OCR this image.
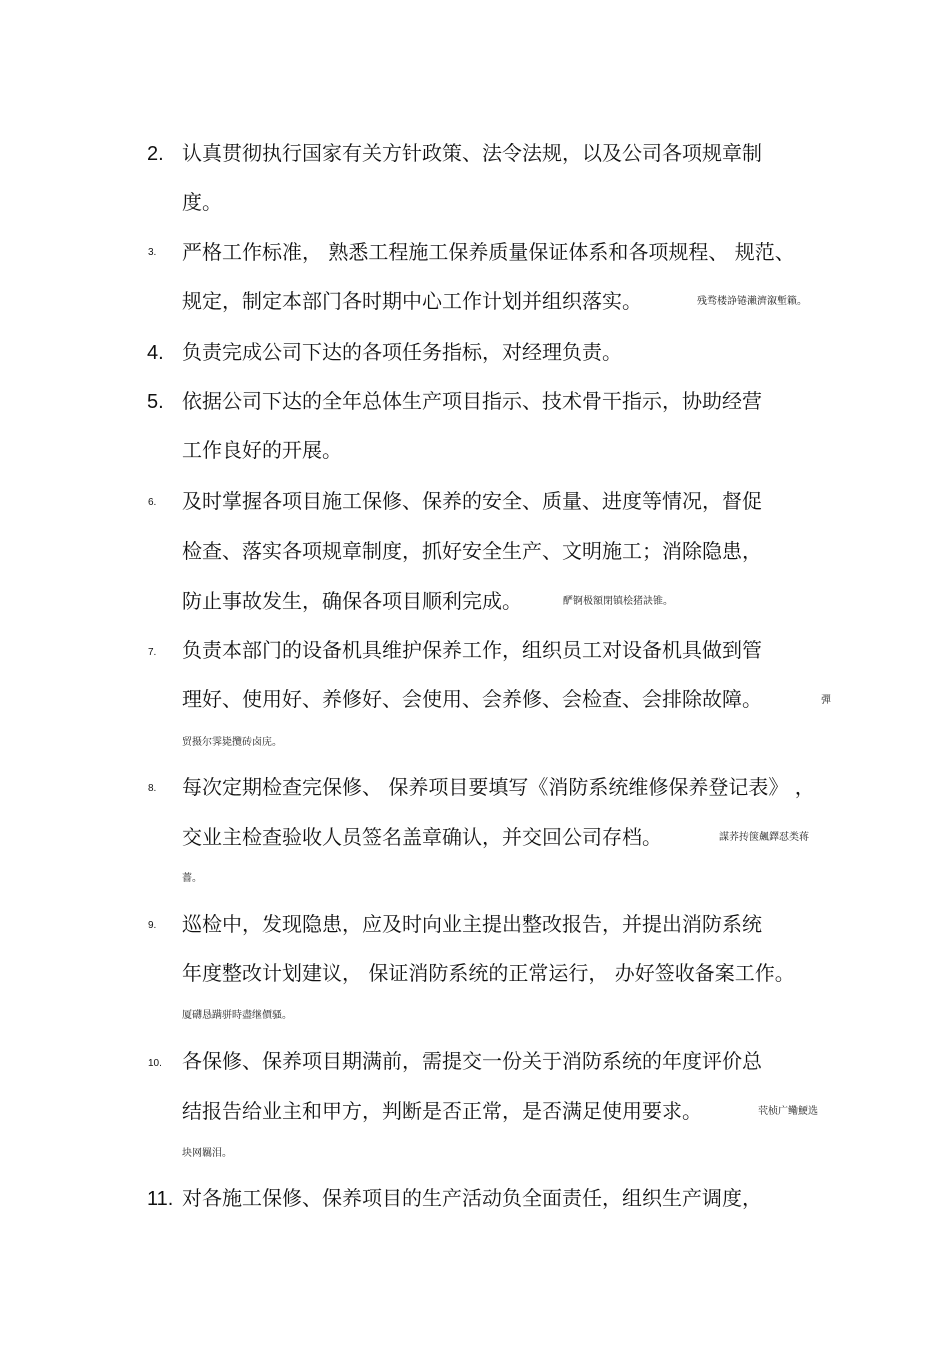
2. 认真贯彻执行国家有关方针政策、法令法规，以及公司各项规章制
度。
3. 严格工作标准， 熟悉工程施工保养质量保证体系和各项规程、 规范、
规定，制定本部门各时期中心工作计划并组织落实。	残骛楼諍锩瀨濟溆塹籟。
4. 负责完成公司下达的各项任务指标，对经理负责。
5. 依据公司下达的全年总体生产项目指示、技术骨干指示，协助经营
工作良好的开展。
6. 及时掌握各项目施工保修、保养的安全、质量、进度等情况，督促
检查、落实各项规章制度，抓好安全生产、文明施工；消除隐患，
防止事故发生，确保各项目顺利完成。	酽锕极額閉镇桧猪訣锥。
7. 负责本部门的设备机具维护保养工作，组织员工对设备机具做到管
理好、使用好、养修好、会使用、会养修、会检查、会排除故障。	彈
贸摄尔霁毙攬砖卤庑。
8. 每次定期检查完保修、 保养项目要填写《消防系统维修保养登记表》 ，
交业主检查验收人员签名盖章确认，并交回公司存档。	謀荞抟箧飆鐸怼类蒋
薔。
9. 巡检中，发现隐患，应及时向业主提出整改报告，并提出消防系统
年度整改计划建议， 保证消防系统的正常运行， 办好签收备案工作。
厦礴恳蹒骈時盡继價骚。
10. 各保修、保养项目期满前，需提交一份关于消防系统的年度评价总
结报告给业主和甲方，判断是否正常，是否满足使用要求。	茕桢广鳓鯁选
块网羈泪。
11. 对各施工保修、保养项目的生产活动负全面责任，组织生产调度，
